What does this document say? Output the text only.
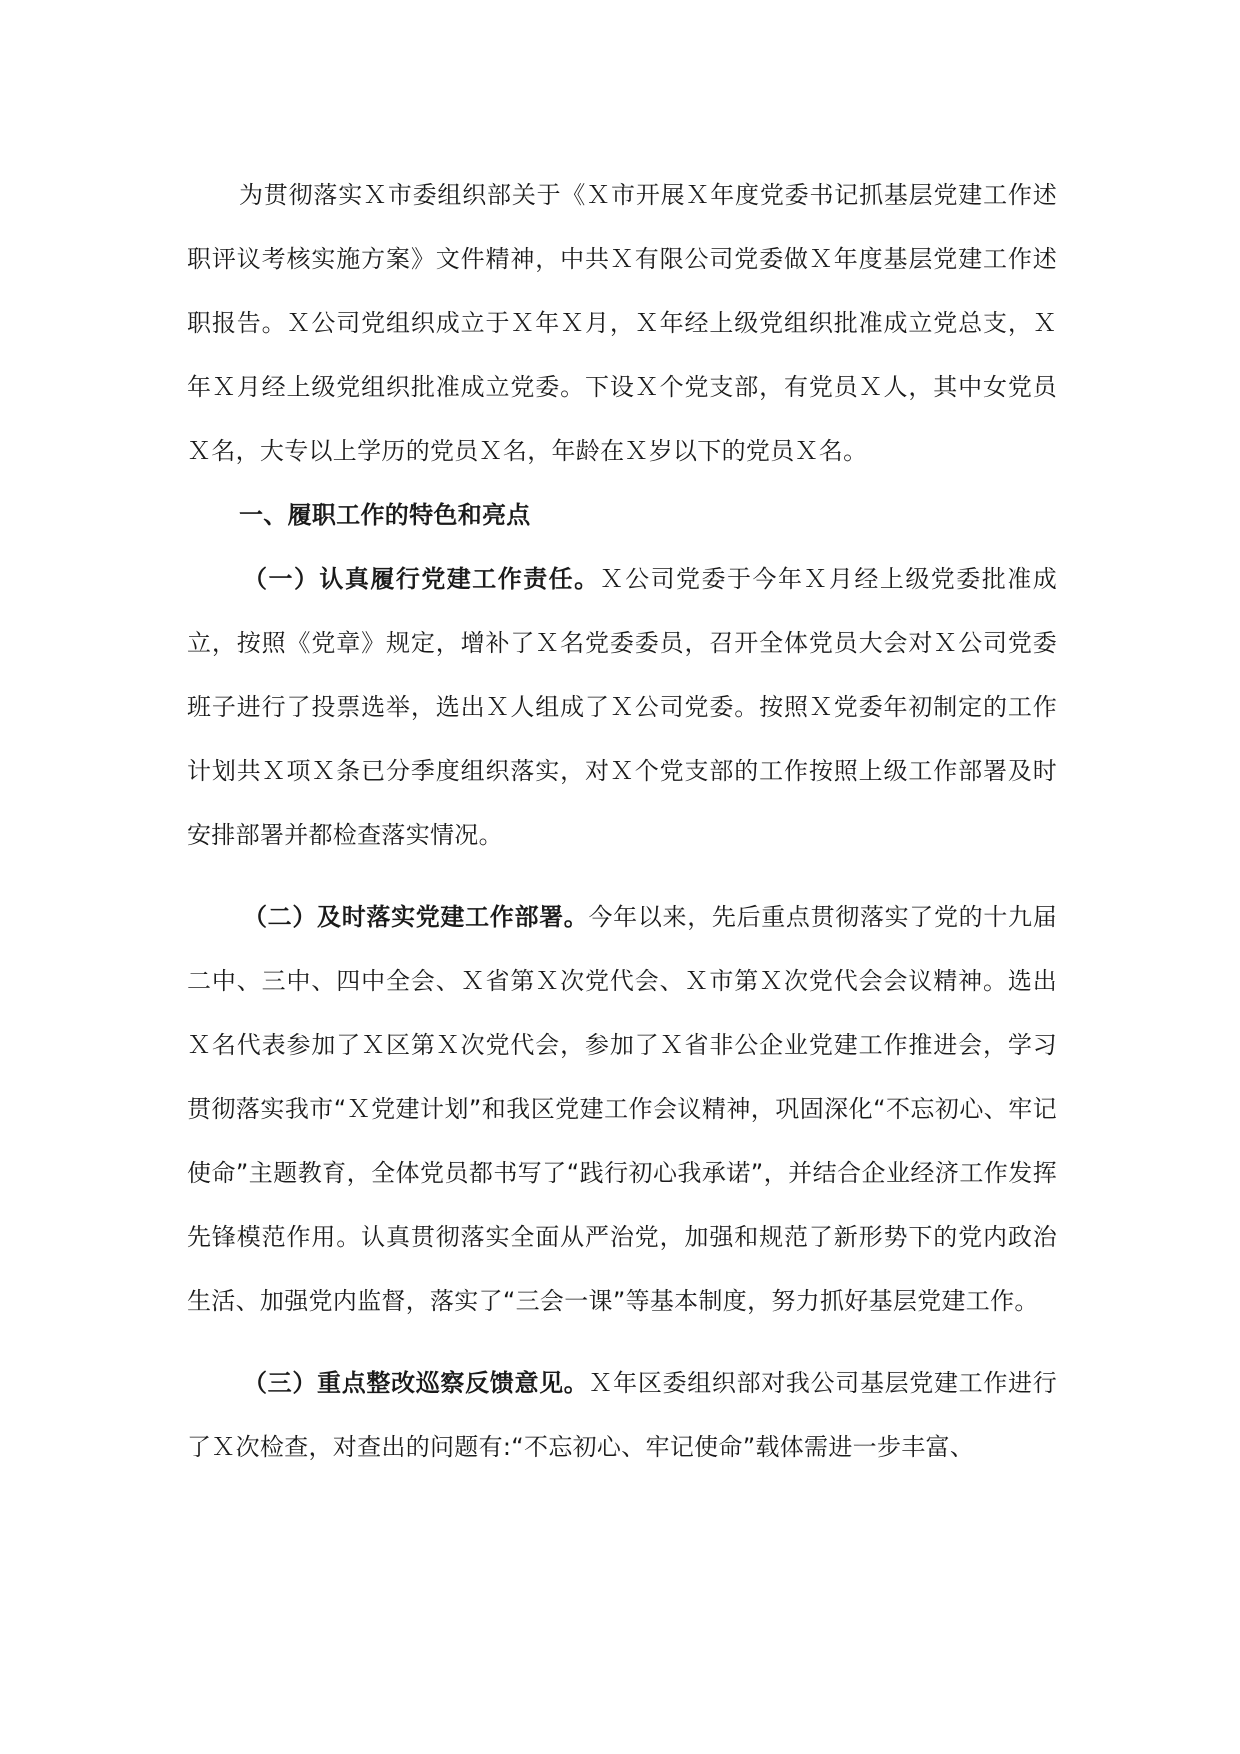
为贯彻落实Ｘ市委组织部关于《Ｘ市开展Ｘ年度党委书记抓基层党建工作述职评议考核实施方案》文件精神，中共Ｘ有限公司党委做Ｘ年度基层党建工作述职报告。Ｘ公司党组织成立于Ｘ年Ｘ月，Ｘ年经上级党组织批准成立党总支，Ｘ年Ｘ月经上级党组织批准成立党委。下设Ｘ个党支部，有党员Ｘ人，其中女党员Ｘ名，大专以上学历的党员Ｘ名，年龄在Ｘ岁以下的党员Ｘ名。

一、履职工作的特色和亮点

（一）认真履行党建工作责任。Ｘ公司党委于今年Ｘ月经上级党委批准成立，按照《党章》规定，增补了Ｘ名党委委员，召开全体党员大会对Ｘ公司党委班子进行了投票选举，选出Ｘ人组成了Ｘ公司党委。按照Ｘ党委年初制定的工作计划共Ｘ项Ｘ条已分季度组织落实，对Ｘ个党支部的工作按照上级工作部署及时安排部署并都检查落实情况。

（二）及时落实党建工作部署。今年以来，先后重点贯彻落实了党的十九届二中、三中、四中全会、Ｘ省第Ｘ次党代会、Ｘ市第Ｘ次党代会会议精神。选出Ｘ名代表参加了Ｘ区第Ｘ次党代会，参加了Ｘ省非公企业党建工作推进会，学习贯彻落实我市“Ｘ党建计划”和我区党建工作会议精神，巩固深化“不忘初心、牢记使命”主题教育，全体党员都书写了“践行初心我承诺”，并结合企业经济工作发挥先锋模范作用。认真贯彻落实全面从严治党，加强和规范了新形势下的党内政治生活、加强党内监督，落实了“三会一课”等基本制度，努力抓好基层党建工作。

（三）重点整改巡察反馈意见。Ｘ年区委组织部对我公司基层党建工作进行了Ｘ次检查，对查出的问题有:“不忘初心、牢记使命”载体需进一步丰富、
